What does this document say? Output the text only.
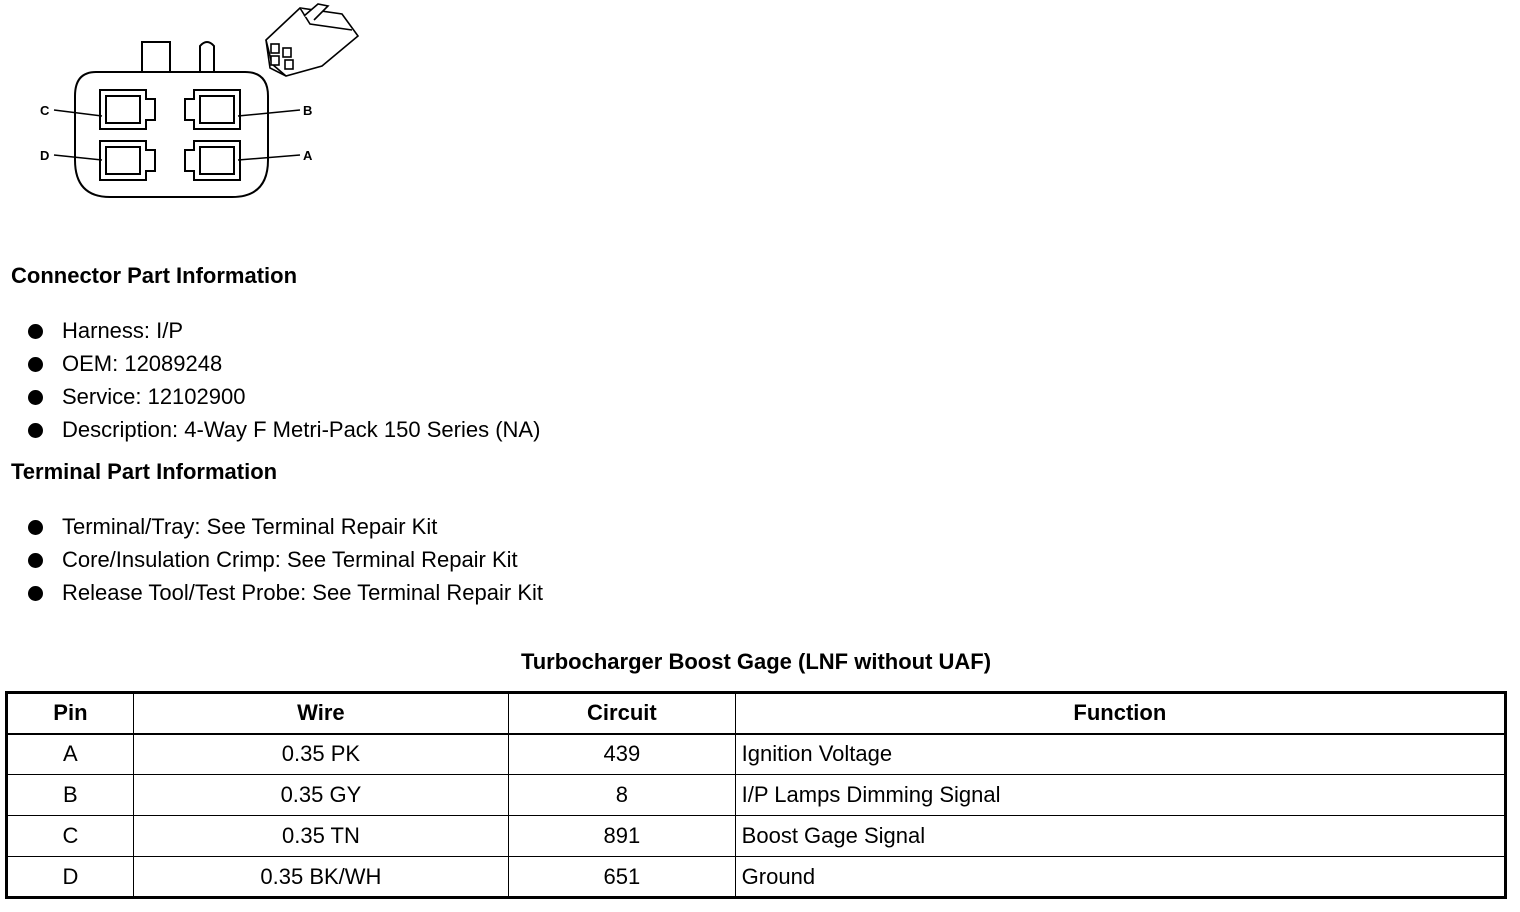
C
D
B
A
Connector Part Information
Harness: I/P
OEM: 12089248
Service: 12102900
Description: 4-Way F Metri-Pack 150 Series (NA)
Terminal Part Information
Terminal/Tray: See Terminal Repair Kit
Core/Insulation Crimp: See Terminal Repair Kit
Release Tool/Test Probe: See Terminal Repair Kit
Turbocharger Boost Gage (LNF without UAF)
Pin	Wire	Circuit	Function
A	0.35 PK	439	Ignition Voltage
B	0.35 GY	8	I/P Lamps Dimming Signal
C	0.35 TN	891	Boost Gage Signal
D	0.35 BK/WH	651	Ground
